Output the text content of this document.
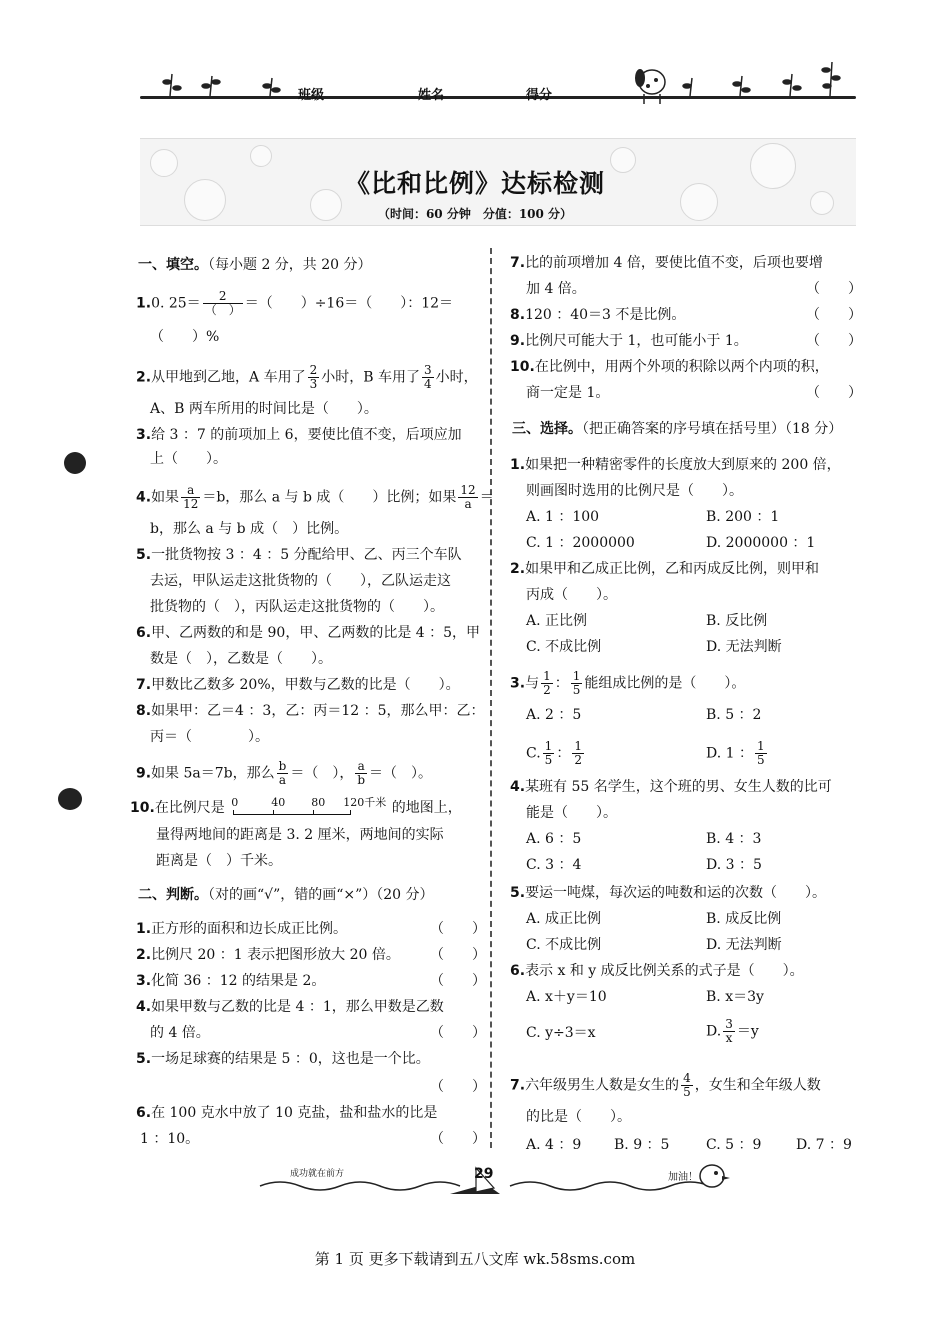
班级	姓名	得分
《比和比例》达标检测
（时间：60 分钟　分值：100 分）
一、填空。（每小题 2 分，共 20 分）
1.0. $25= \frac{2}{( )}$ ＝（　　）÷16＝（　　）：12＝
（　　）%
2.从甲地到乙地，A 车用了 $\frac{2}{3}$ 小时，B 车用了 $\frac{3}{4}$ 小时，
A、B 两车所用的时间比是（　　）。
3.给 3 ：7 的前项加上 6，要使比值不变，后项应加
上（　　）。
4.如果 $\frac{a}{12} =b$，那么 a 与 b 成（　　）比例；如果 $\frac{12}{a}$ ＝
b，那么 a 与 b 成（　）比例。
5.一批货物按 3 ：4 ：5 分配给甲、乙、丙三个车队
去运，甲队运走这批货物的（　　），乙队运走这
批货物的（　），丙队运走这批货物的（　　）。
6.甲、乙两数的和是 90，甲、乙两数的比是 4 ：5，甲
数是（　），乙数是（　　）。
7.甲数比乙数多 20%，甲数与乙数的比是（　　）。
8.如果甲：乙＝4 ：3，乙：丙＝12 ：5，那么甲：乙：
丙＝（　　　　）。
9.如果 5a＝7b，那么 $\frac{b}{a}$ ＝（　）， $\frac{a}{b}$ ＝（　）。
10.在比例尺是 0	40 80 120千米 的地图上，
量得两地间的距离是 3. 2 厘米，两地间的实际
距离是（　）千米。
二、判断。（对的画“√”，错的画“×”）（20 分）
1.正方形的面积和边长成正比例。	（　　）
2.比例尺 20 ：1 表示把图形放大 20 倍。 （　　）
3.化简 36 ：12 的结果是 2。	（　　）
4.如果甲数与乙数的比是 4 ：1，那么甲数是乙数
的 4 倍。	（　　）
5.一场足球赛的结果是 5 ：0，这也是一个比。
（　　）
6.在 100 克水中放了 10 克盐，盐和盐水的比是
1 ：10。	（　　）
7.比的前项增加 4 倍，要使比值不变，后项也要增
加 4 倍。	（　　）
8.120 ：40＝3 不是比例。	（　　）
9.比例尺可能大于 1，也可能小于 1。	（　　）
10.在比例中，用两个外项的积除以两个内项的积，
商一定是 1。	（　　）
三、选择。（把正确答案的序号填在括号里）（18 分）
1.如果把一种精密零件的长度放大到原来的 200 倍，
则画图时选用的比例尺是（　　）。
A. 1 ：100	B. 200 ：1
C. 1 ：2000000	D. 2000000 ：1
2.如果甲和乙成正比例，乙和丙成反比例，则甲和
丙成（　　）。
A. 正比例	B. 反比例
C. 不成比例	D. 无法判断
3.与 $\frac{1}{2}$ ： $\frac{1}{5}$ 能组成比例的是（　　）。
A. 2 ：5	B. 5 ：2
C. $\frac{1}{5}$ ： $\frac{1}{2}$	D. 1 ： $\frac{1}{5}$
4.某班有 55 名学生，这个班的男、女生人数的比可
能是（　　）。
A. 6 ：5	B. 4 ：3
C. 3 ：4	D. 3 ：5
5.要运一吨煤，每次运的吨数和运的次数（　　）。
A. 成正比例	B. 成反比例
C. 不成比例	D. 无法判断
6.表示 x 和 y 成反比例关系的式子是（　　）。
A. x＋y＝10	B. x＝3y
C. y÷3＝x	D. $\frac{3}{x} =y$
7.六年级男生人数是女生的 $\frac{4}{5}$ ，女生和全年级人数
的比是（　　）。
A. 4 ：9 B. 9 ：5	C. 5 ：9 D. 7 ：9
成功就在前方	29	加油！
第 1 页 更多下载请到五八文库 wk.58sms.com
